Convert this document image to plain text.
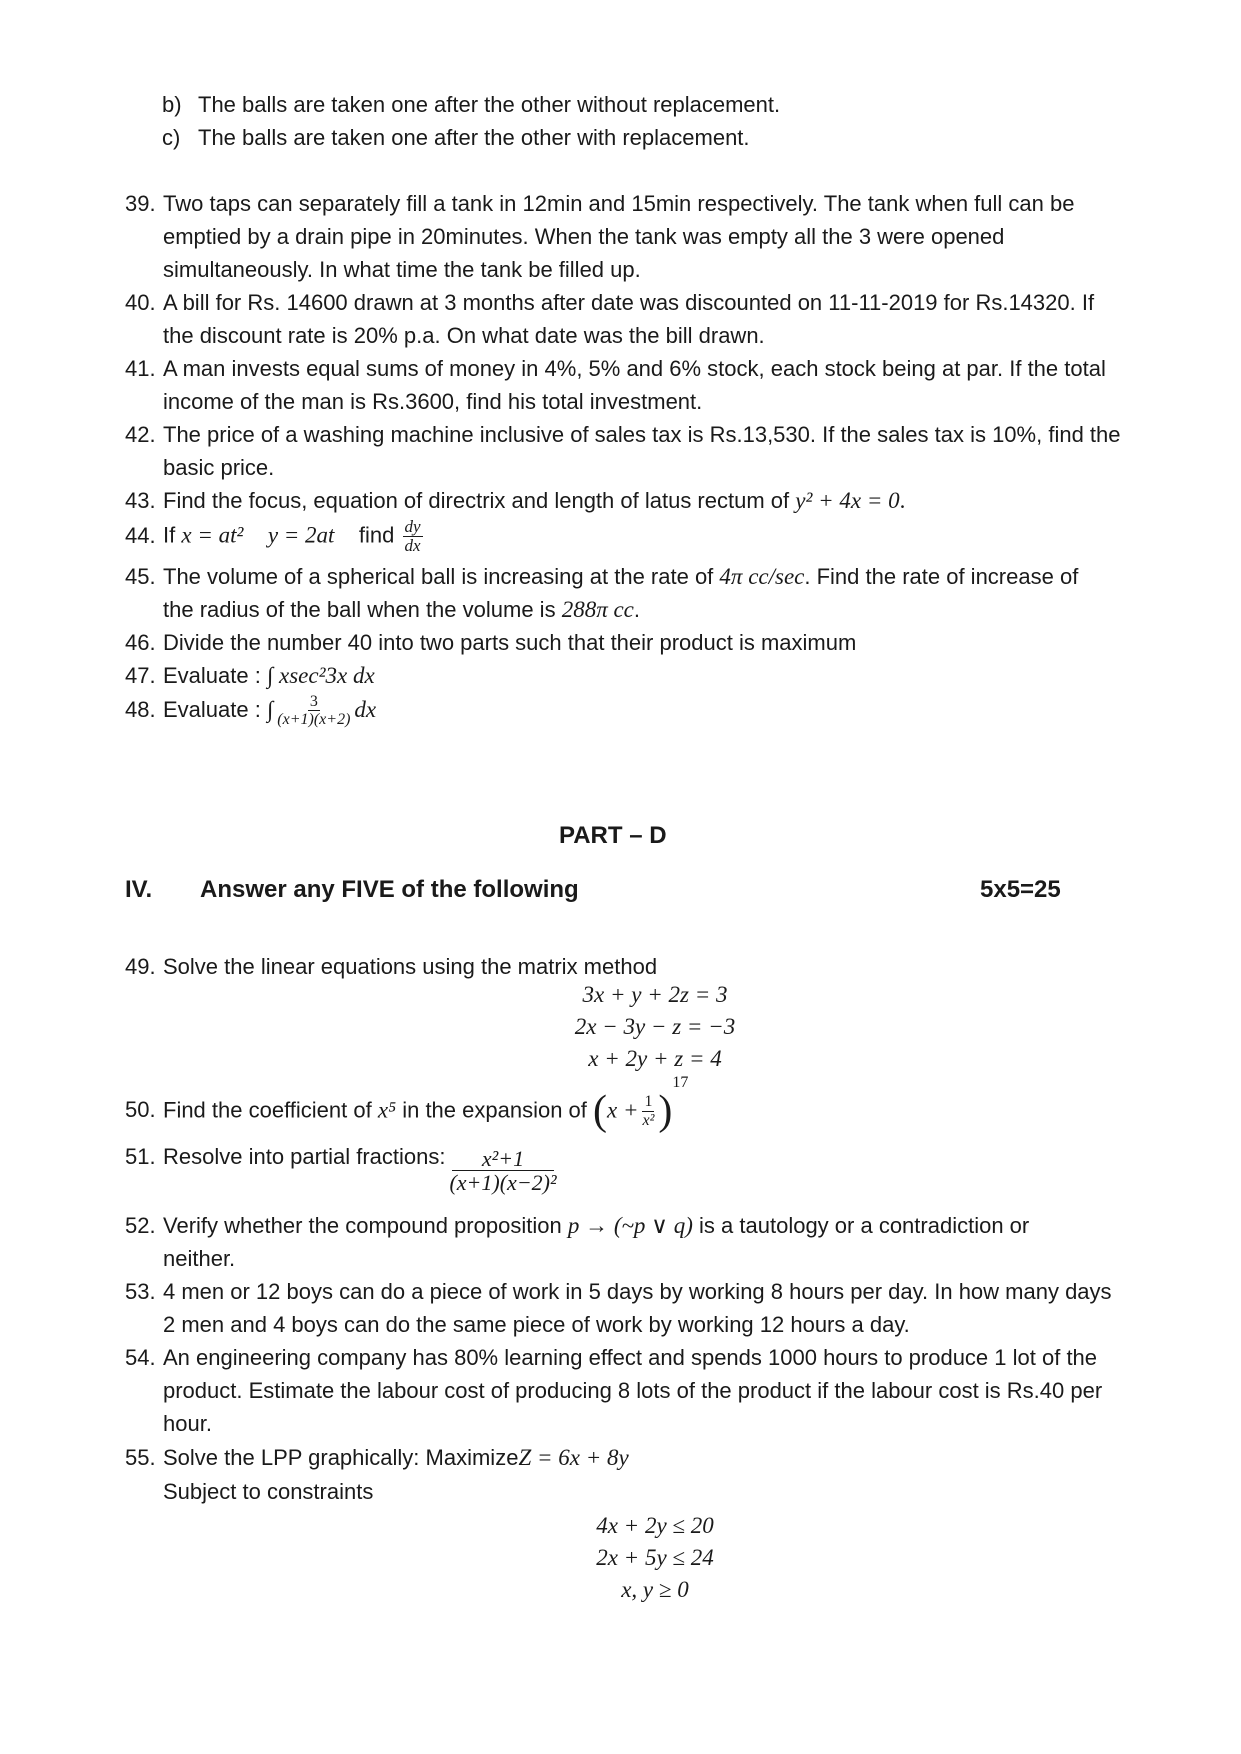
b) The balls are taken one after the other without replacement.
c) The balls are taken one after the other with replacement.
39. Two taps can separately fill a tank in 12min and 15min respectively. The tank when full can be
emptied by a drain pipe in 20minutes. When the tank was empty all the 3 were opened
simultaneously. In what time the tank be filled up.
40. A bill for Rs. 14600 drawn at 3 months after date was discounted on 11-11-2019 for Rs.14320. If
the discount rate is 20% p.a. On what date was the bill drawn.
41. A man invests equal sums of money in 4%, 5% and 6% stock, each stock being at par. If the total
income of the man is Rs.3600, find his total investment.
42. The price of a washing machine inclusive of sales tax is Rs.13,530. If the sales tax is 10%, find the
basic price.
43. Find the focus, equation of directrix and length of latus rectum of y² + 4x = 0.
44. If x = at² y = 2at find $\frac{dy}{dx}$
45. The volume of a spherical ball is increasing at the rate of 4π cc/sec. Find the rate of increase of
the radius of the ball when the volume is 288π cc.
46. Divide the number 40 into two parts such that their product is maximum
47. Evaluate : ∫ xsec²3x dx
48. Evaluate : ∫ $\frac{3}{(x+1)(x+2)}$ dx
PART – D
IV. Answer any FIVE of the following	5x5=25
49. Solve the linear equations using the matrix method
3x + y + 2z = 3
2x − 3y − z = −3
x + 2y + z = 4
50. Find the coefficient of x⁵ in the expansion of $(x + \frac{1}{\text{x²}} )^{17}$
51. Resolve into partial fractions: $\frac{\text{x²+1}}{\text{(x+1)(x−2)²}}$
52. Verify whether the compound proposition p → (~p ∨ q) is a tautology or a contradiction or
neither.
53. 4 men or 12 boys can do a piece of work in 5 days by working 8 hours per day. In how many days
2 men and 4 boys can do the same piece of work by working 12 hours a day.
54. An engineering company has 80% learning effect and spends 1000 hours to produce 1 lot of the
product. Estimate the labour cost of producing 8 lots of the product if the labour cost is Rs.40 per
hour.
55. Solve the LPP graphically: MaximizeZ = 6x + 8y
Subject to constraints
4x + 2y ≤ 20
2x + 5y ≤ 24
x, y ≥ 0
